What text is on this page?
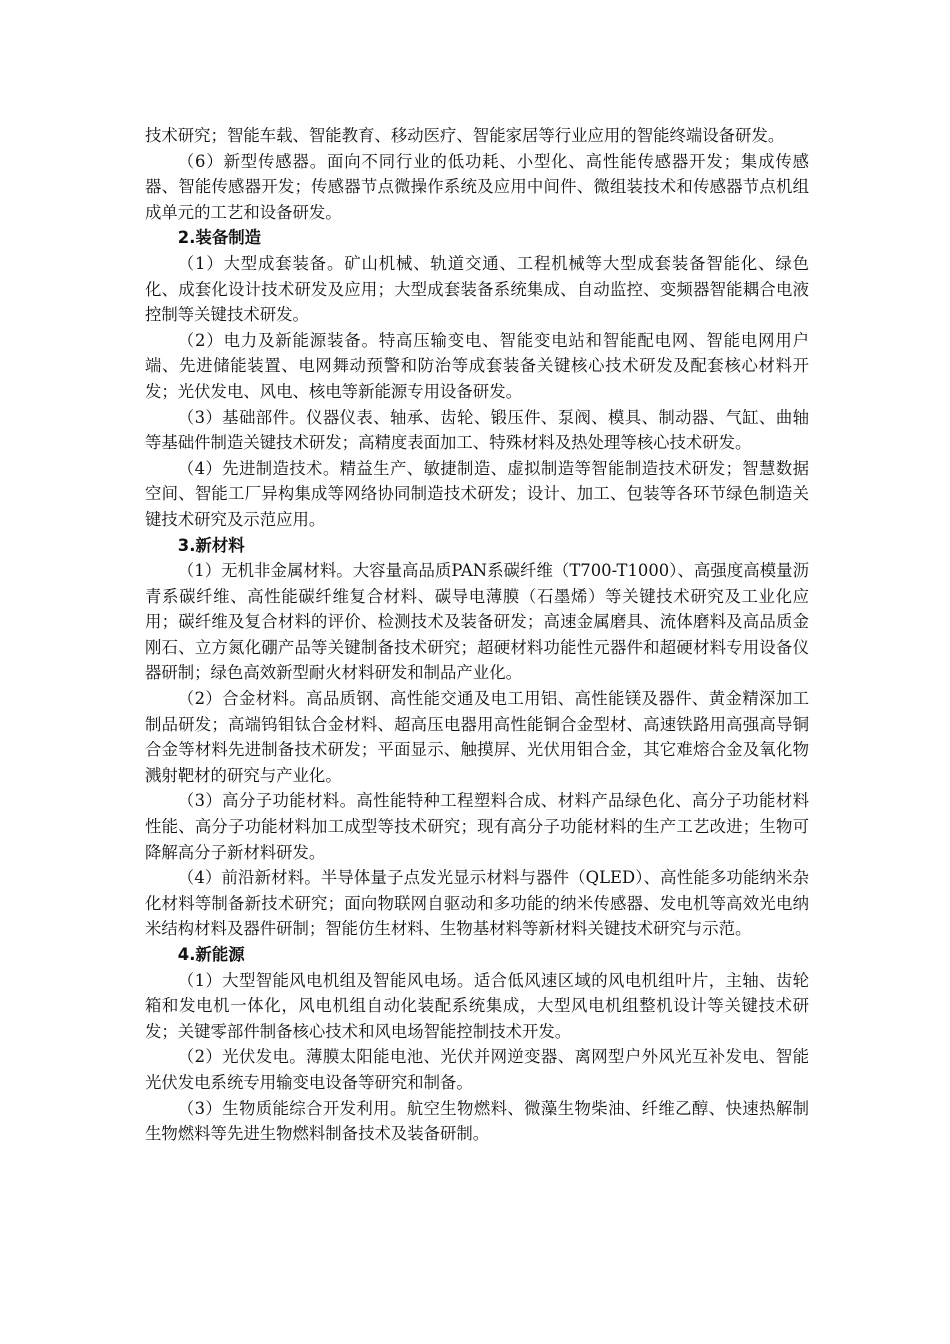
技术研究；智能车载、智能教育、移动医疗、智能家居等行业应用的智能终端设备研发。

（6）新型传感器。面向不同行业的低功耗、小型化、高性能传感器开发；集成传感器、智能传感器开发；传感器节点微操作系统及应用中间件、微组装技术和传感器节点机组成单元的工艺和设备研发。

2.装备制造

（1）大型成套装备。矿山机械、轨道交通、工程机械等大型成套装备智能化、绿色化、成套化设计技术研发及应用；大型成套装备系统集成、自动监控、变频器智能耦合电液控制等关键技术研发。

（2）电力及新能源装备。特高压输变电、智能变电站和智能配电网、智能电网用户端、先进储能装置、电网舞动预警和防治等成套装备关键核心技术研发及配套核心材料开发；光伏发电、风电、核电等新能源专用设备研发。

（3）基础部件。仪器仪表、轴承、齿轮、锻压件、泵阀、模具、制动器、气缸、曲轴等基础件制造关键技术研发；高精度表面加工、特殊材料及热处理等核心技术研发。

（4）先进制造技术。精益生产、敏捷制造、虚拟制造等智能制造技术研发；智慧数据空间、智能工厂异构集成等网络协同制造技术研发；设计、加工、包装等各环节绿色制造关键技术研究及示范应用。

3.新材料

（1）无机非金属材料。大容量高品质PAN系碳纤维（T700-T1000）、高强度高模量沥青系碳纤维、高性能碳纤维复合材料、碳导电薄膜（石墨烯）等关键技术研究及工业化应用；碳纤维及复合材料的评价、检测技术及装备研发；高速金属磨具、流体磨料及高品质金刚石、立方氮化硼产品等关键制备技术研究；超硬材料功能性元器件和超硬材料专用设备仪器研制；绿色高效新型耐火材料研发和制品产业化。

（2）合金材料。高品质钢、高性能交通及电工用铝、高性能镁及器件、黄金精深加工制品研发；高端钨钼钛合金材料、超高压电器用高性能铜合金型材、高速铁路用高强高导铜合金等材料先进制备技术研发；平面显示、触摸屏、光伏用钼合金，其它难熔合金及氧化物溅射靶材的研究与产业化。

（3）高分子功能材料。高性能特种工程塑料合成、材料产品绿色化、高分子功能材料性能、高分子功能材料加工成型等技术研究；现有高分子功能材料的生产工艺改进；生物可降解高分子新材料研发。

（4）前沿新材料。半导体量子点发光显示材料与器件（QLED）、高性能多功能纳米杂化材料等制备新技术研究；面向物联网自驱动和多功能的纳米传感器、发电机等高效光电纳米结构材料及器件研制；智能仿生材料、生物基材料等新材料关键技术研究与示范。

4.新能源

（1）大型智能风电机组及智能风电场。适合低风速区域的风电机组叶片，主轴、齿轮箱和发电机一体化，风电机组自动化装配系统集成，大型风电机组整机设计等关键技术研发；关键零部件制备核心技术和风电场智能控制技术开发。

（2）光伏发电。薄膜太阳能电池、光伏并网逆变器、离网型户外风光互补发电、智能光伏发电系统专用输变电设备等研究和制备。

（3）生物质能综合开发利用。航空生物燃料、微藻生物柴油、纤维乙醇、快速热解制生物燃料等先进生物燃料制备技术及装备研制。
